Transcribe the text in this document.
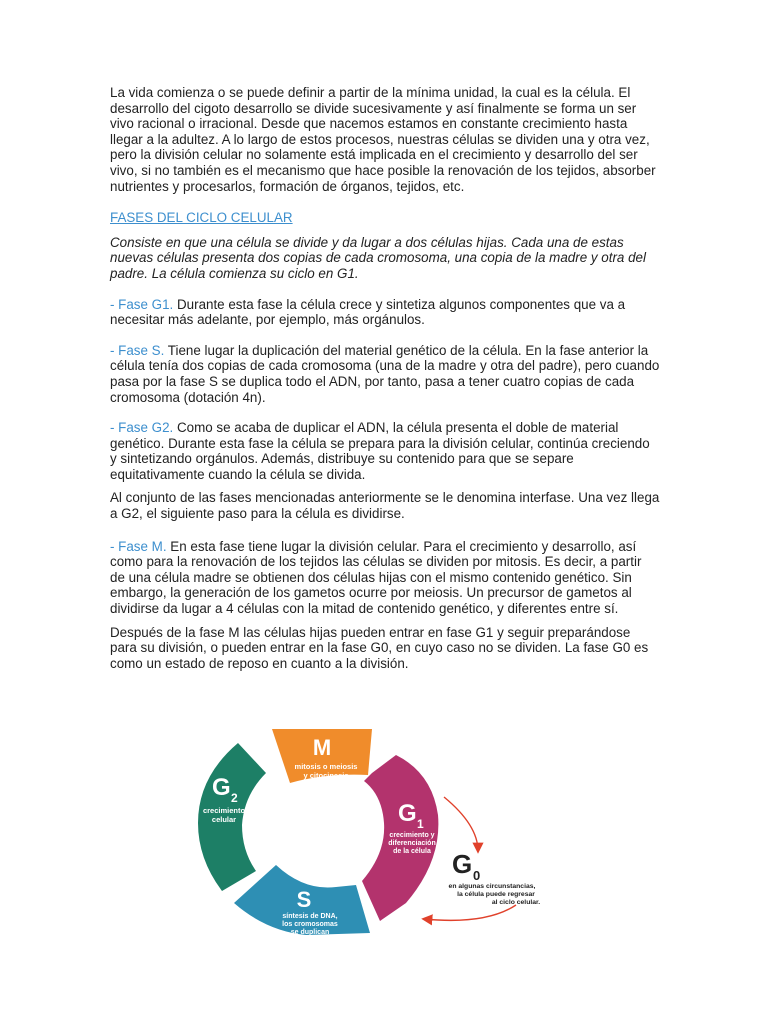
La vida comienza o se puede definir a partir de la mínima unidad, la cual es la célula. El desarrollo del cigoto desarrollo se divide sucesivamente y así finalmente se forma un ser vivo racional o irracional. Desde que nacemos estamos en constante crecimiento hasta llegar a la adultez. A lo largo de estos procesos, nuestras células se dividen una y otra vez, pero la división celular no solamente está implicada en el crecimiento y desarrollo del ser vivo, si no también es el mecanismo que hace posible la renovación de los tejidos, absorber nutrientes y procesarlos, formación de órganos, tejidos, etc.

FASES DEL CICLO CELULAR

Consiste en que una célula se divide y da lugar a dos células hijas. Cada una de estas nuevas células presenta dos copias de cada cromosoma, una copia de la madre y otra del padre. La célula comienza su ciclo en G1.

- Fase G1. Durante esta fase la célula crece y sintetiza algunos componentes que va a necesitar más adelante, por ejemplo, más orgánulos.

- Fase S. Tiene lugar la duplicación del material genético de la célula. En la fase anterior la célula tenía dos copias de cada cromosoma (una de la madre y otra del padre), pero cuando pasa por la fase S se duplica todo el ADN, por tanto, pasa a tener cuatro copias de cada cromosoma (dotación 4n).

- Fase G2. Como se acaba de duplicar el ADN, la célula presenta el doble de material genético. Durante esta fase la célula se prepara para la división celular, continúa creciendo y sintetizando orgánulos. Además, distribuye su contenido para que se separe equitativamente cuando la célula se divida.

Al conjunto de las fases mencionadas anteriormente se le denomina interfase. Una vez llega a G2, el siguiente paso para la célula es dividirse.

- Fase M. En esta fase tiene lugar la división celular. Para el crecimiento y desarrollo, así como para la renovación de los tejidos las células se dividen por mitosis. Es decir, a partir de una célula madre se obtienen dos células hijas con el mismo contenido genético. Sin embargo, la generación de los gametos ocurre por meiosis. Un precursor de gametos al dividirse da lugar a 4 células con la mitad de contenido genético, y diferentes entre sí.

Después de la fase M las células hijas pueden entrar en fase G1 y seguir preparándose para su división, o pueden entrar en la fase G0, en cuyo caso no se dividen. La fase G0 es como un estado de reposo en cuanto a la división.

M
mitosis o meiosis
y citocinesis
G 2
crecimiento
celular	G 1
crecimiento y
diferenciación
de la célula
S
síntesis de DNA,
los cromosomas
se duplican
G 0
en algunas circunstancias,
la célula puede regresar
al ciclo celular.
